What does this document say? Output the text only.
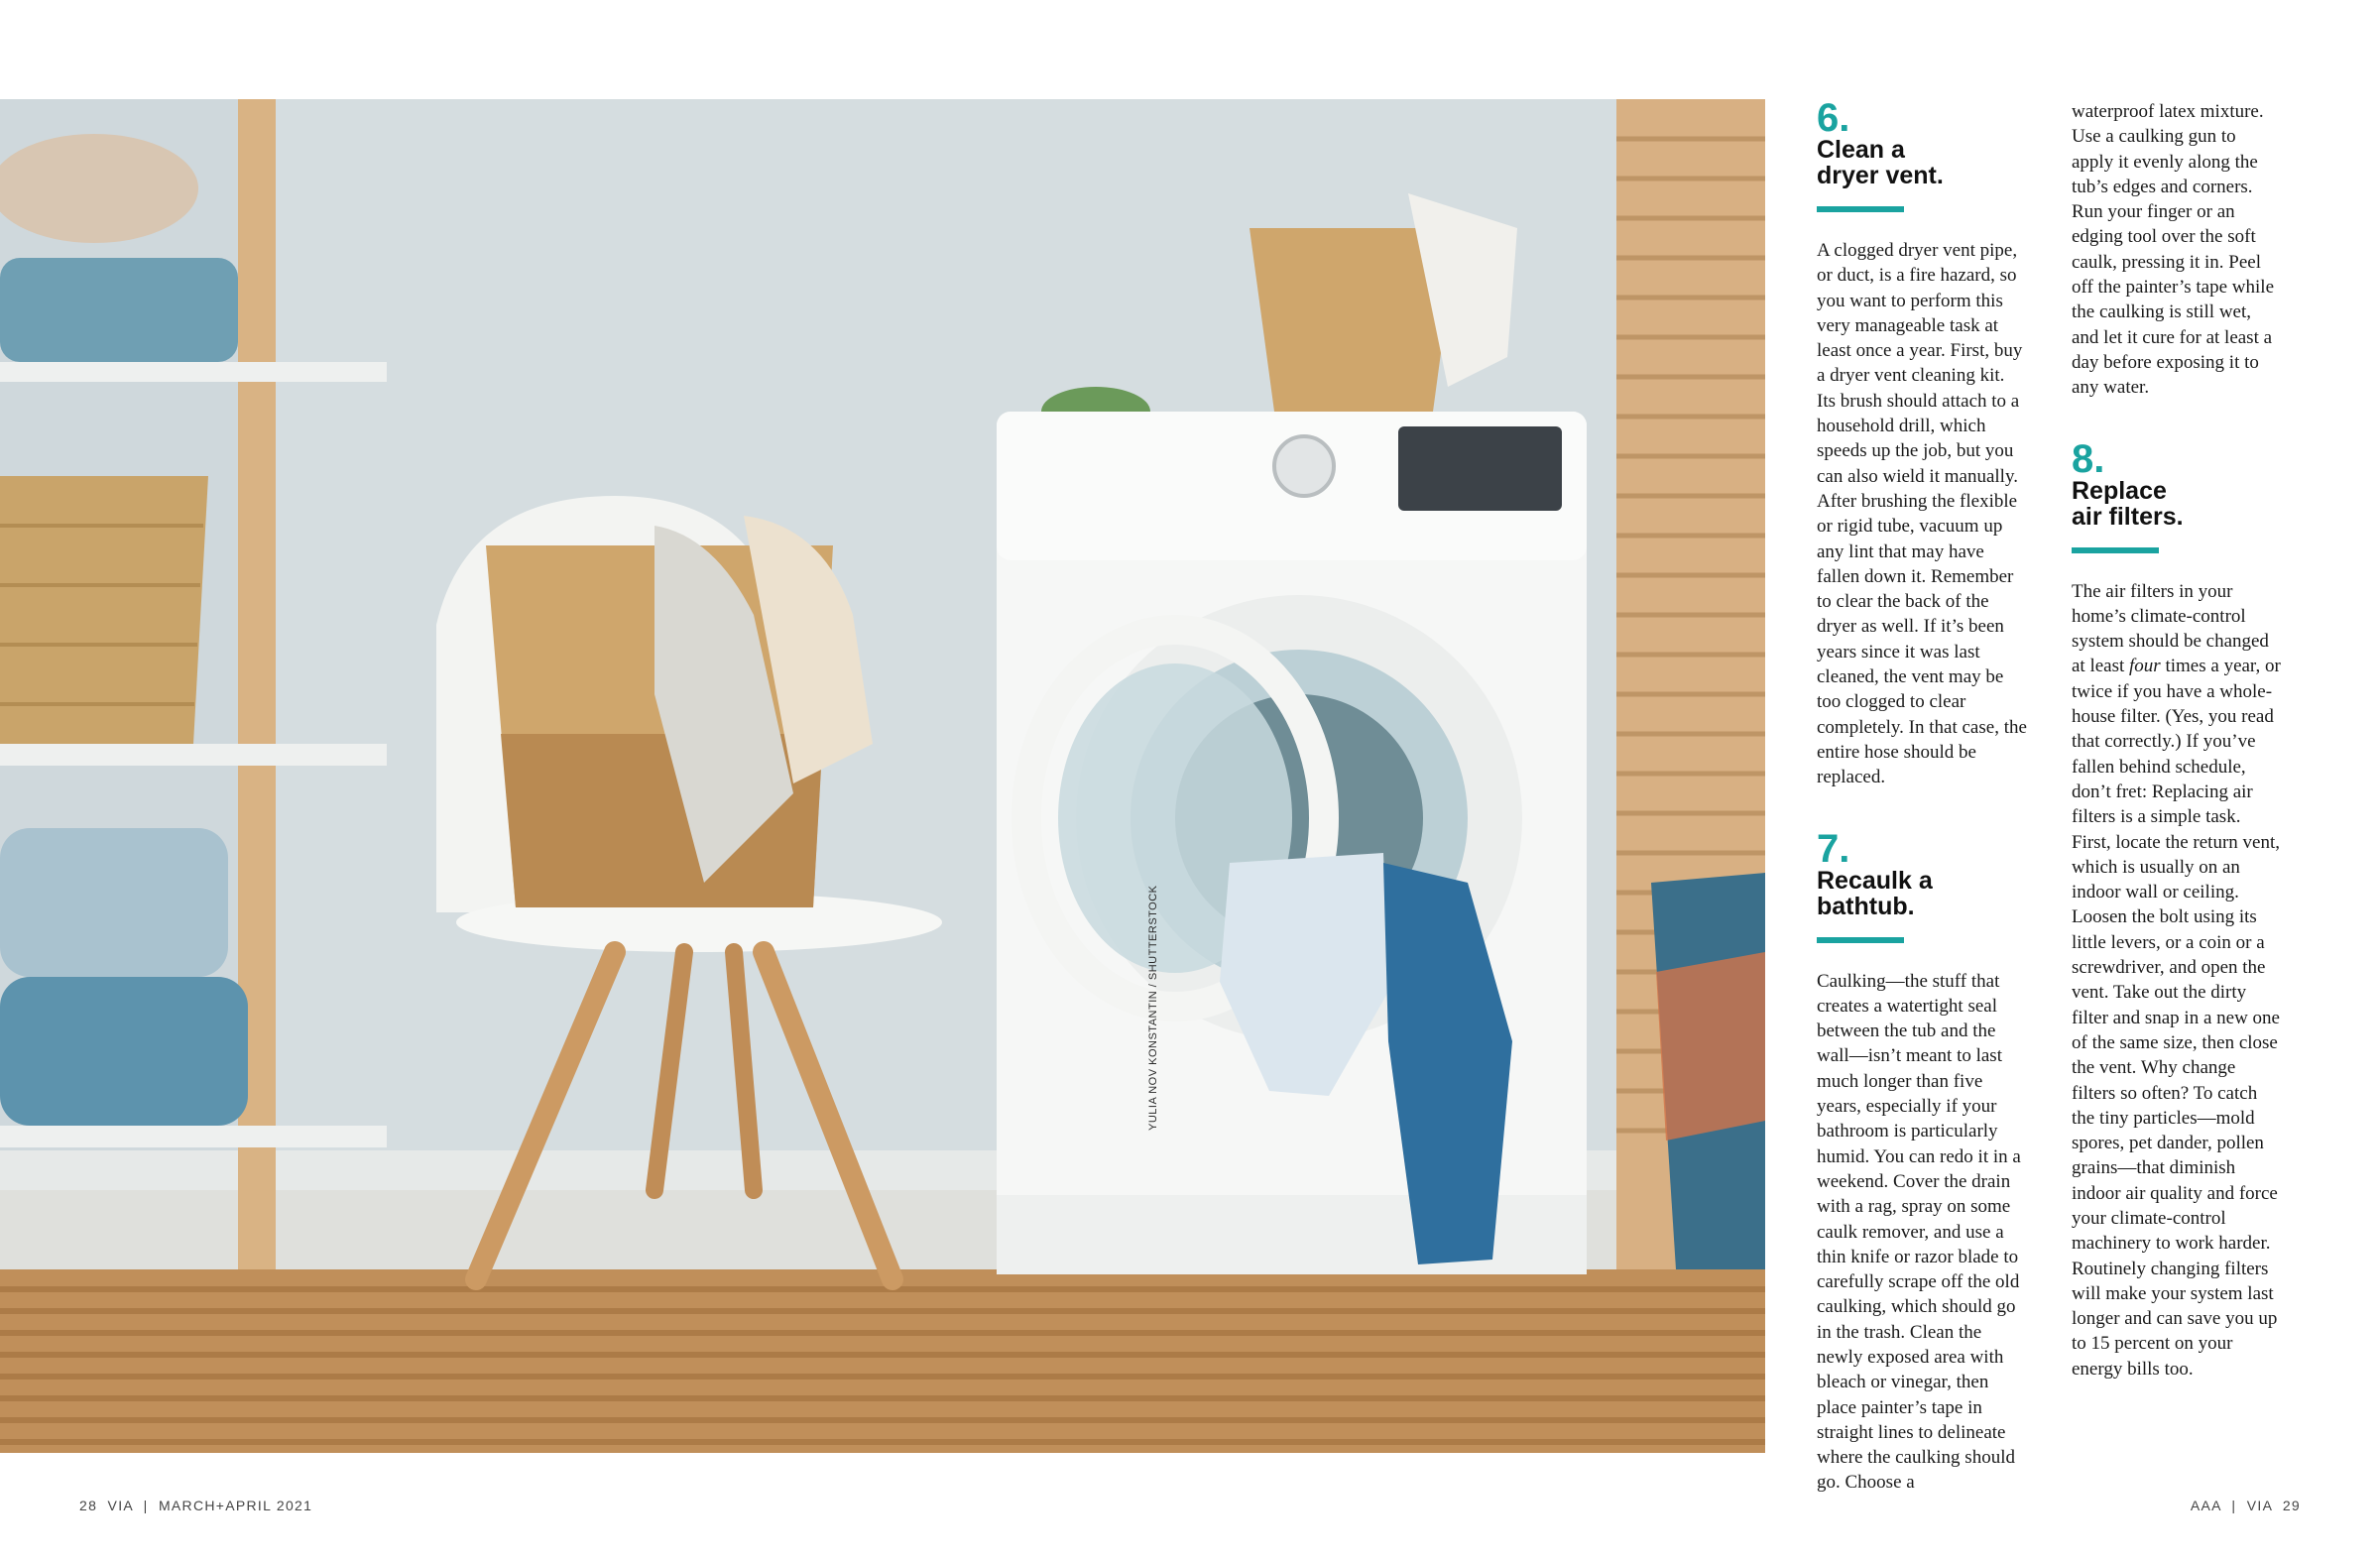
YULIA NOV KONSTANTIN / SHUTTERSTOCK
6.
Clean a
dryer vent.

A clogged dryer vent pipe, or duct, is a fire hazard, so you want to perform this very manageable task at least once a year. First, buy a dryer vent cleaning kit. Its brush should attach to a household drill, which speeds up the job, but you can also wield it manually. After brushing the flexible or rigid tube, vacuum up any lint that may have fallen down it. Remember to clear the back of the dryer as well. If it’s been years since it was last cleaned, the vent may be too clogged to clear completely. In that case, the entire hose should be replaced.

7.
Recaulk a
bathtub.

Caulking—the stuff that creates a watertight seal between the tub and the wall—isn’t meant to last much longer than five years, especially if your bathroom is particularly humid. You can redo it in a weekend. Cover the drain with a rag, spray on some caulk remover, and use a thin knife or razor blade to carefully scrape off the old caulking, which should go in the trash. Clean the newly exposed area with bleach or vinegar, then place painter’s tape in straight lines to delineate where the caulking should go. Choose a

waterproof latex mixture. Use a caulking gun to apply it evenly along the tub’s edges and corners. Run your finger or an edging tool over the soft caulk, pressing it in. Peel off the painter’s tape while the caulking is still wet, and let it cure for at least a day before exposing it to any water.

8.
Replace
air filters.

The air filters in your home’s climate-control system should be changed at least four times a year, or twice if you have a whole-house filter. (Yes, you read that correctly.) If you’ve fallen behind schedule, don’t fret: Replacing air filters is a simple task. First, locate the return vent, which is usually on an indoor wall or ceiling. Loosen the bolt using its little levers, or a coin or a screwdriver, and open the vent. Take out the dirty filter and snap in a new one of the same size, then close the vent. Why change filters so often? To catch the tiny particles—mold spores, pet dander, pollen grains—that diminish indoor air quality and force your climate-control machinery to work harder. Routinely changing filters will make your system last longer and can save you up to 15 percent on your energy bills too.

28  VIA  |  MARCH+APRIL 2021	AAA  |  VIA  29
